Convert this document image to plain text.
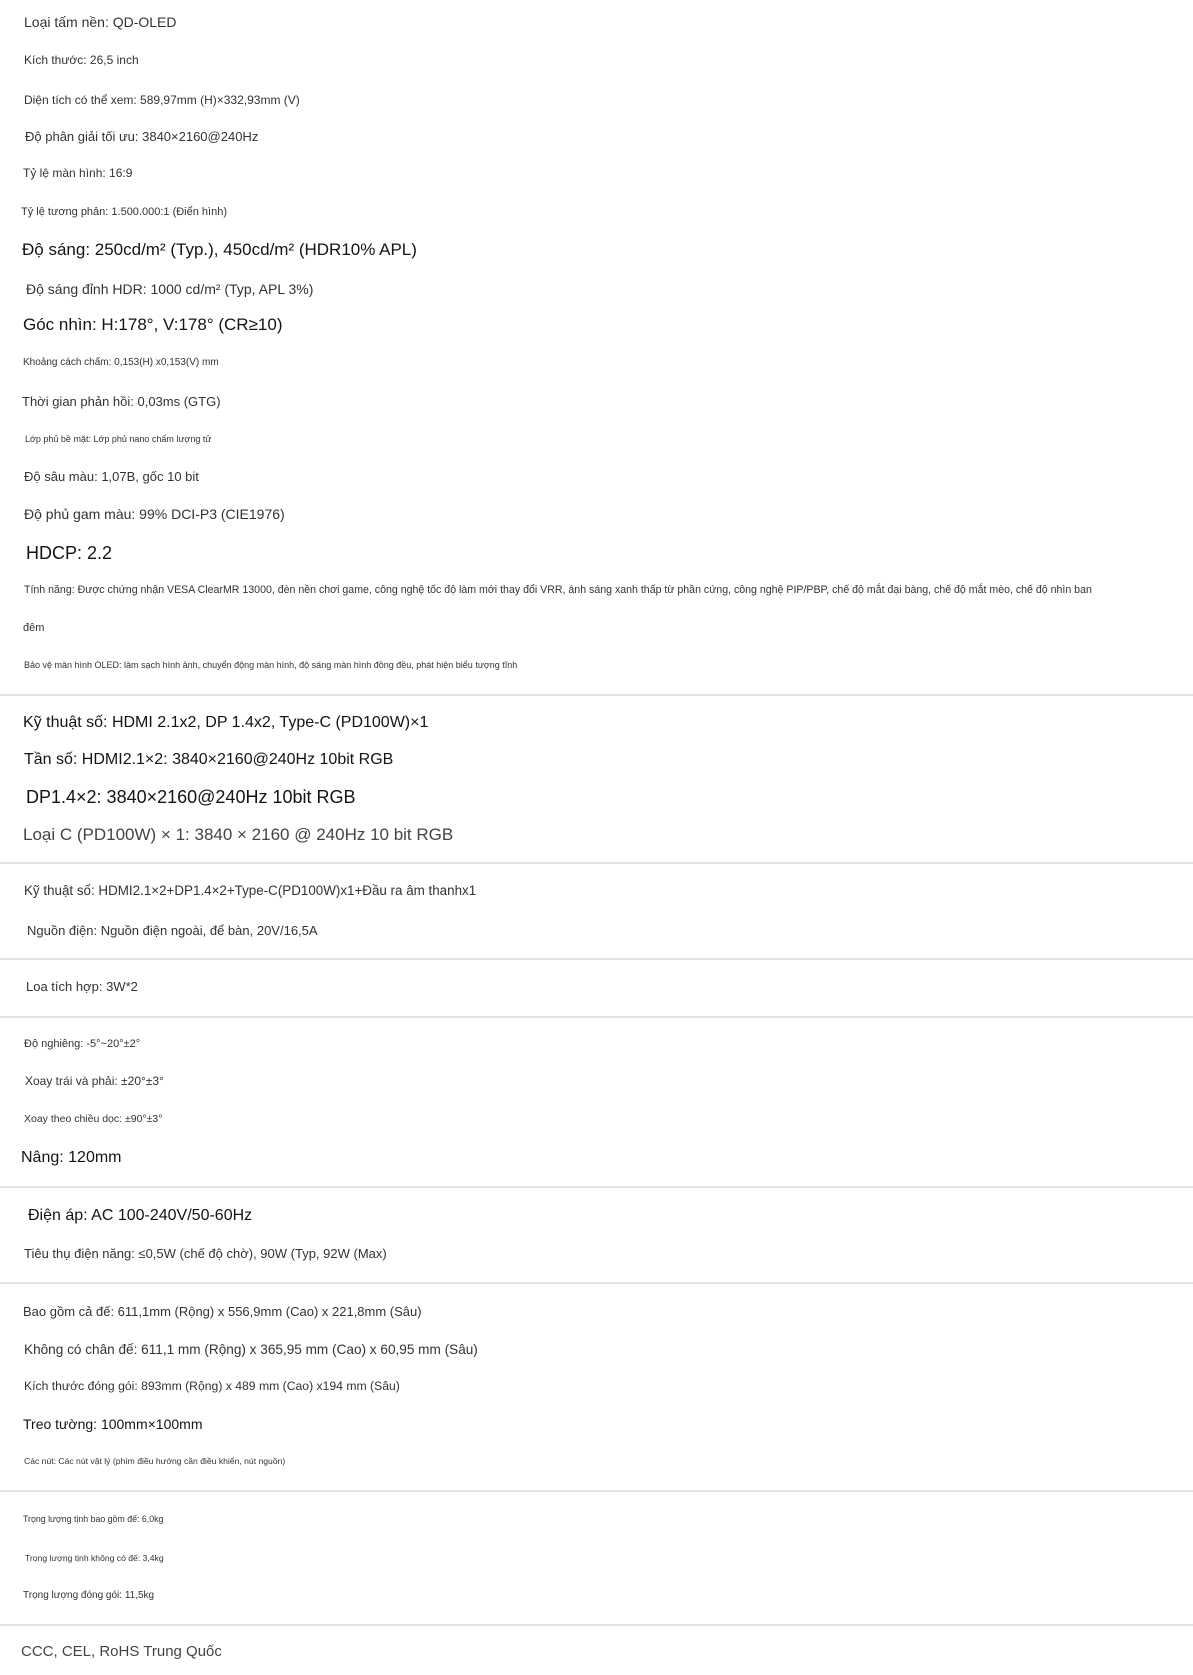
Loại tấm nền: QD-OLED
Kích thước: 26,5 inch
Diện tích có thể xem: 589,97mm (H)×332,93mm (V)
Độ phân giải tối ưu: 3840×2160@240Hz
Tỷ lệ màn hình: 16:9
Tỷ lệ tương phản: 1.500.000:1 (Điển hình)
Độ sáng: 250cd/m² (Typ.), 450cd/m² (HDR10% APL)
Độ sáng đỉnh HDR: 1000 cd/m² (Typ, APL 3%)
Góc nhìn: H:178°, V:178° (CR≥10)
Khoảng cách chấm: 0,153(H) x0,153(V) mm
Thời gian phản hồi: 0,03ms (GTG)
Lớp phủ bề mặt: Lớp phủ nano chấm lượng tử
Độ sâu màu: 1,07B, gốc 10 bit
Độ phủ gam màu: 99% DCI-P3 (CIE1976)
HDCP: 2.2
Tính năng: Được chứng nhận VESA ClearMR 13000, đèn nền chơi game, công nghệ tốc độ làm mới thay đổi VRR, ánh sáng xanh thấp từ phần cứng, công nghệ PIP/PBP, chế độ mắt đại bàng, chế độ mắt mèo, chế độ nhìn ban
đêm
Bảo vệ màn hình OLED: làm sạch hình ảnh, chuyển động màn hình, độ sáng màn hình đồng đều, phát hiện biểu tượng tĩnh
Kỹ thuật số: HDMI 2.1x2, DP 1.4x2, Type-C (PD100W)×1
Tần số: HDMI2.1×2: 3840×2160@240Hz 10bit RGB
DP1.4×2: 3840×2160@240Hz 10bit RGB
Loại C (PD100W) × 1: 3840 × 2160 @ 240Hz 10 bit RGB
Kỹ thuật số: HDMI2.1×2+DP1.4×2+Type-C(PD100W)x1+Đầu ra âm thanhx1
Nguồn điện: Nguồn điện ngoài, để bàn, 20V/16,5A
Loa tích hợp: 3W*2
Độ nghiêng: -5°~20°±2°
Xoay trái và phải: ±20°±3°
Xoay theo chiều dọc: ±90°±3°
Nâng: 120mm
Điện áp: AC 100-240V/50-60Hz
Tiêu thụ điện năng: ≤0,5W (chế độ chờ), 90W (Typ, 92W (Max)
Bao gồm cả đế: 611,1mm (Rộng) x 556,9mm (Cao) x 221,8mm (Sâu)
Không có chân đế: 611,1 mm (Rộng) x 365,95 mm (Cao) x 60,95 mm (Sâu)
Kích thước đóng gói: 893mm (Rộng) x 489 mm (Cao) x194 mm (Sâu)
Treo tường: 100mm×100mm
Các nút: Các nút vật lý (phím điều hướng cần điều khiển, nút nguồn)
Trọng lượng tịnh bao gồm đế: 6,0kg
Trọng lượng tịnh không có đế: 3,4kg
Trọng lượng đóng gói: 11,5kg
CCC, CEL, RoHS Trung Quốc
